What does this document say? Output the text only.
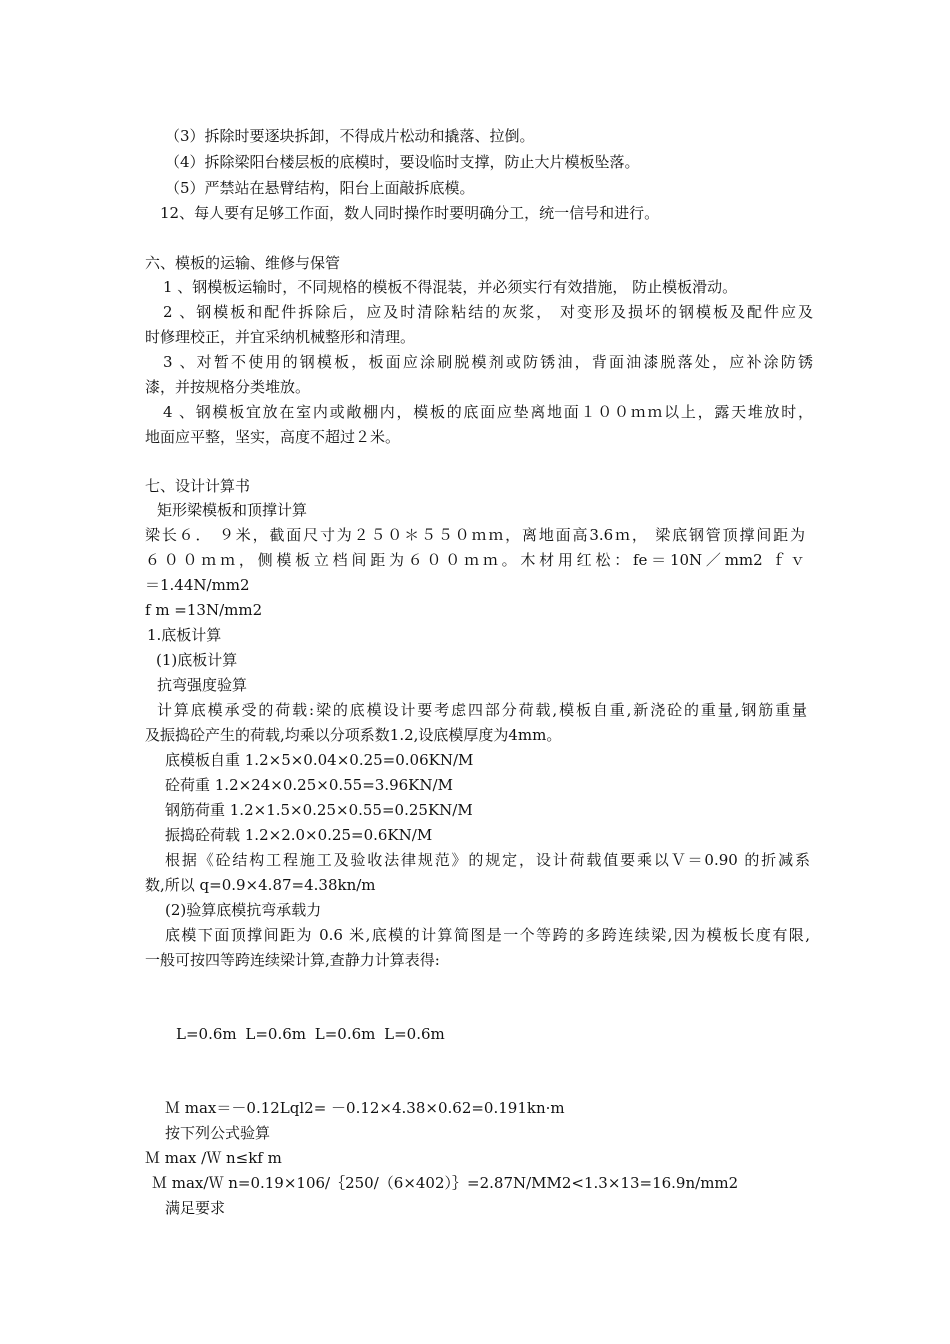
（3）拆除时要逐块拆卸，不得成片松动和撬落、拉倒。
（4）拆除梁阳台楼层板的底模时，要设临时支撑，防止大片模板坠落。
（5）严禁站在悬臂结构，阳台上面敲拆底模。
12、每人要有足够工作面，数人同时操作时要明确分工，统一信号和进行。
六、模板的运输、维修与保管
1 、钢模板运输时，不同规格的模板不得混装，并必须实行有效措施， 防止模板滑动。
2 、钢模板和配件拆除后，应及时清除粘结的灰浆， 对变形及损坏的钢模板及配件应及
时修理校正，并宜采纳机械整形和清理。
3 、对暂不使用的钢模板，板面应涂刷脱模剂或防锈油，背面油漆脱落处，应补涂防锈
漆，并按规格分类堆放。
4 、钢模板宜放在室内或敞棚内，模板的底面应垫离地面１００ｍｍ以上，露天堆放时，
地面应平整，坚实，高度不超过２米。
七、设计计算书
矩形梁模板和顶撑计算
梁长６． ９米，截面尺寸为２５０＊５５０ｍｍ，离地面高3.6ｍ， 梁底钢管顶撑间距为
６００ｍｍ，侧模板立档间距为６００ｍｍ。木材用红松：fe＝10N／mm2 ｆｖ
＝1.44N/mm2
f m =13N/mm2
1.底板计算
(1)底板计算
抗弯强度验算
计算底模承受的荷载:梁的底模设计要考虑四部分荷载,模板自重,新浇砼的重量,钢筋重量
及振捣砼产生的荷载,均乘以分项系数1.2,设底模厚度为4mm。
底模板自重 1.2×5×0.04×0.25=0.06KN/M
砼荷重 1.2×24×0.25×0.55=3.96KN/M
钢筋荷重 1.2×1.5×0.25×0.55=0.25KN/M
振捣砼荷载 1.2×2.0×0.25=0.6KN/M
根据《砼结构工程施工及验收法律规范》的规定，设计荷载值要乘以Ｖ＝0.90 的折减系
数,所以 q=0.9×4.87=4.38kn/m
(2)验算底模抗弯承载力
底模下面顶撑间距为 0.6 米,底模的计算简图是一个等跨的多跨连续梁,因为模板长度有限,
一般可按四等跨连续梁计算,查静力计算表得:
L=0.6m L=0.6m L=0.6m L=0.6m
Ｍ max＝－0.12Lql2= －0.12×4.38×0.62=0.191kn·m
按下列公式验算
Ｍ max /Ｗ n≤kf m
Ｍ max/Ｗ n=0.19×106/｛250/（6×402）｝=2.87N/MM2<1.3×13=16.9n/mm2
满足要求
